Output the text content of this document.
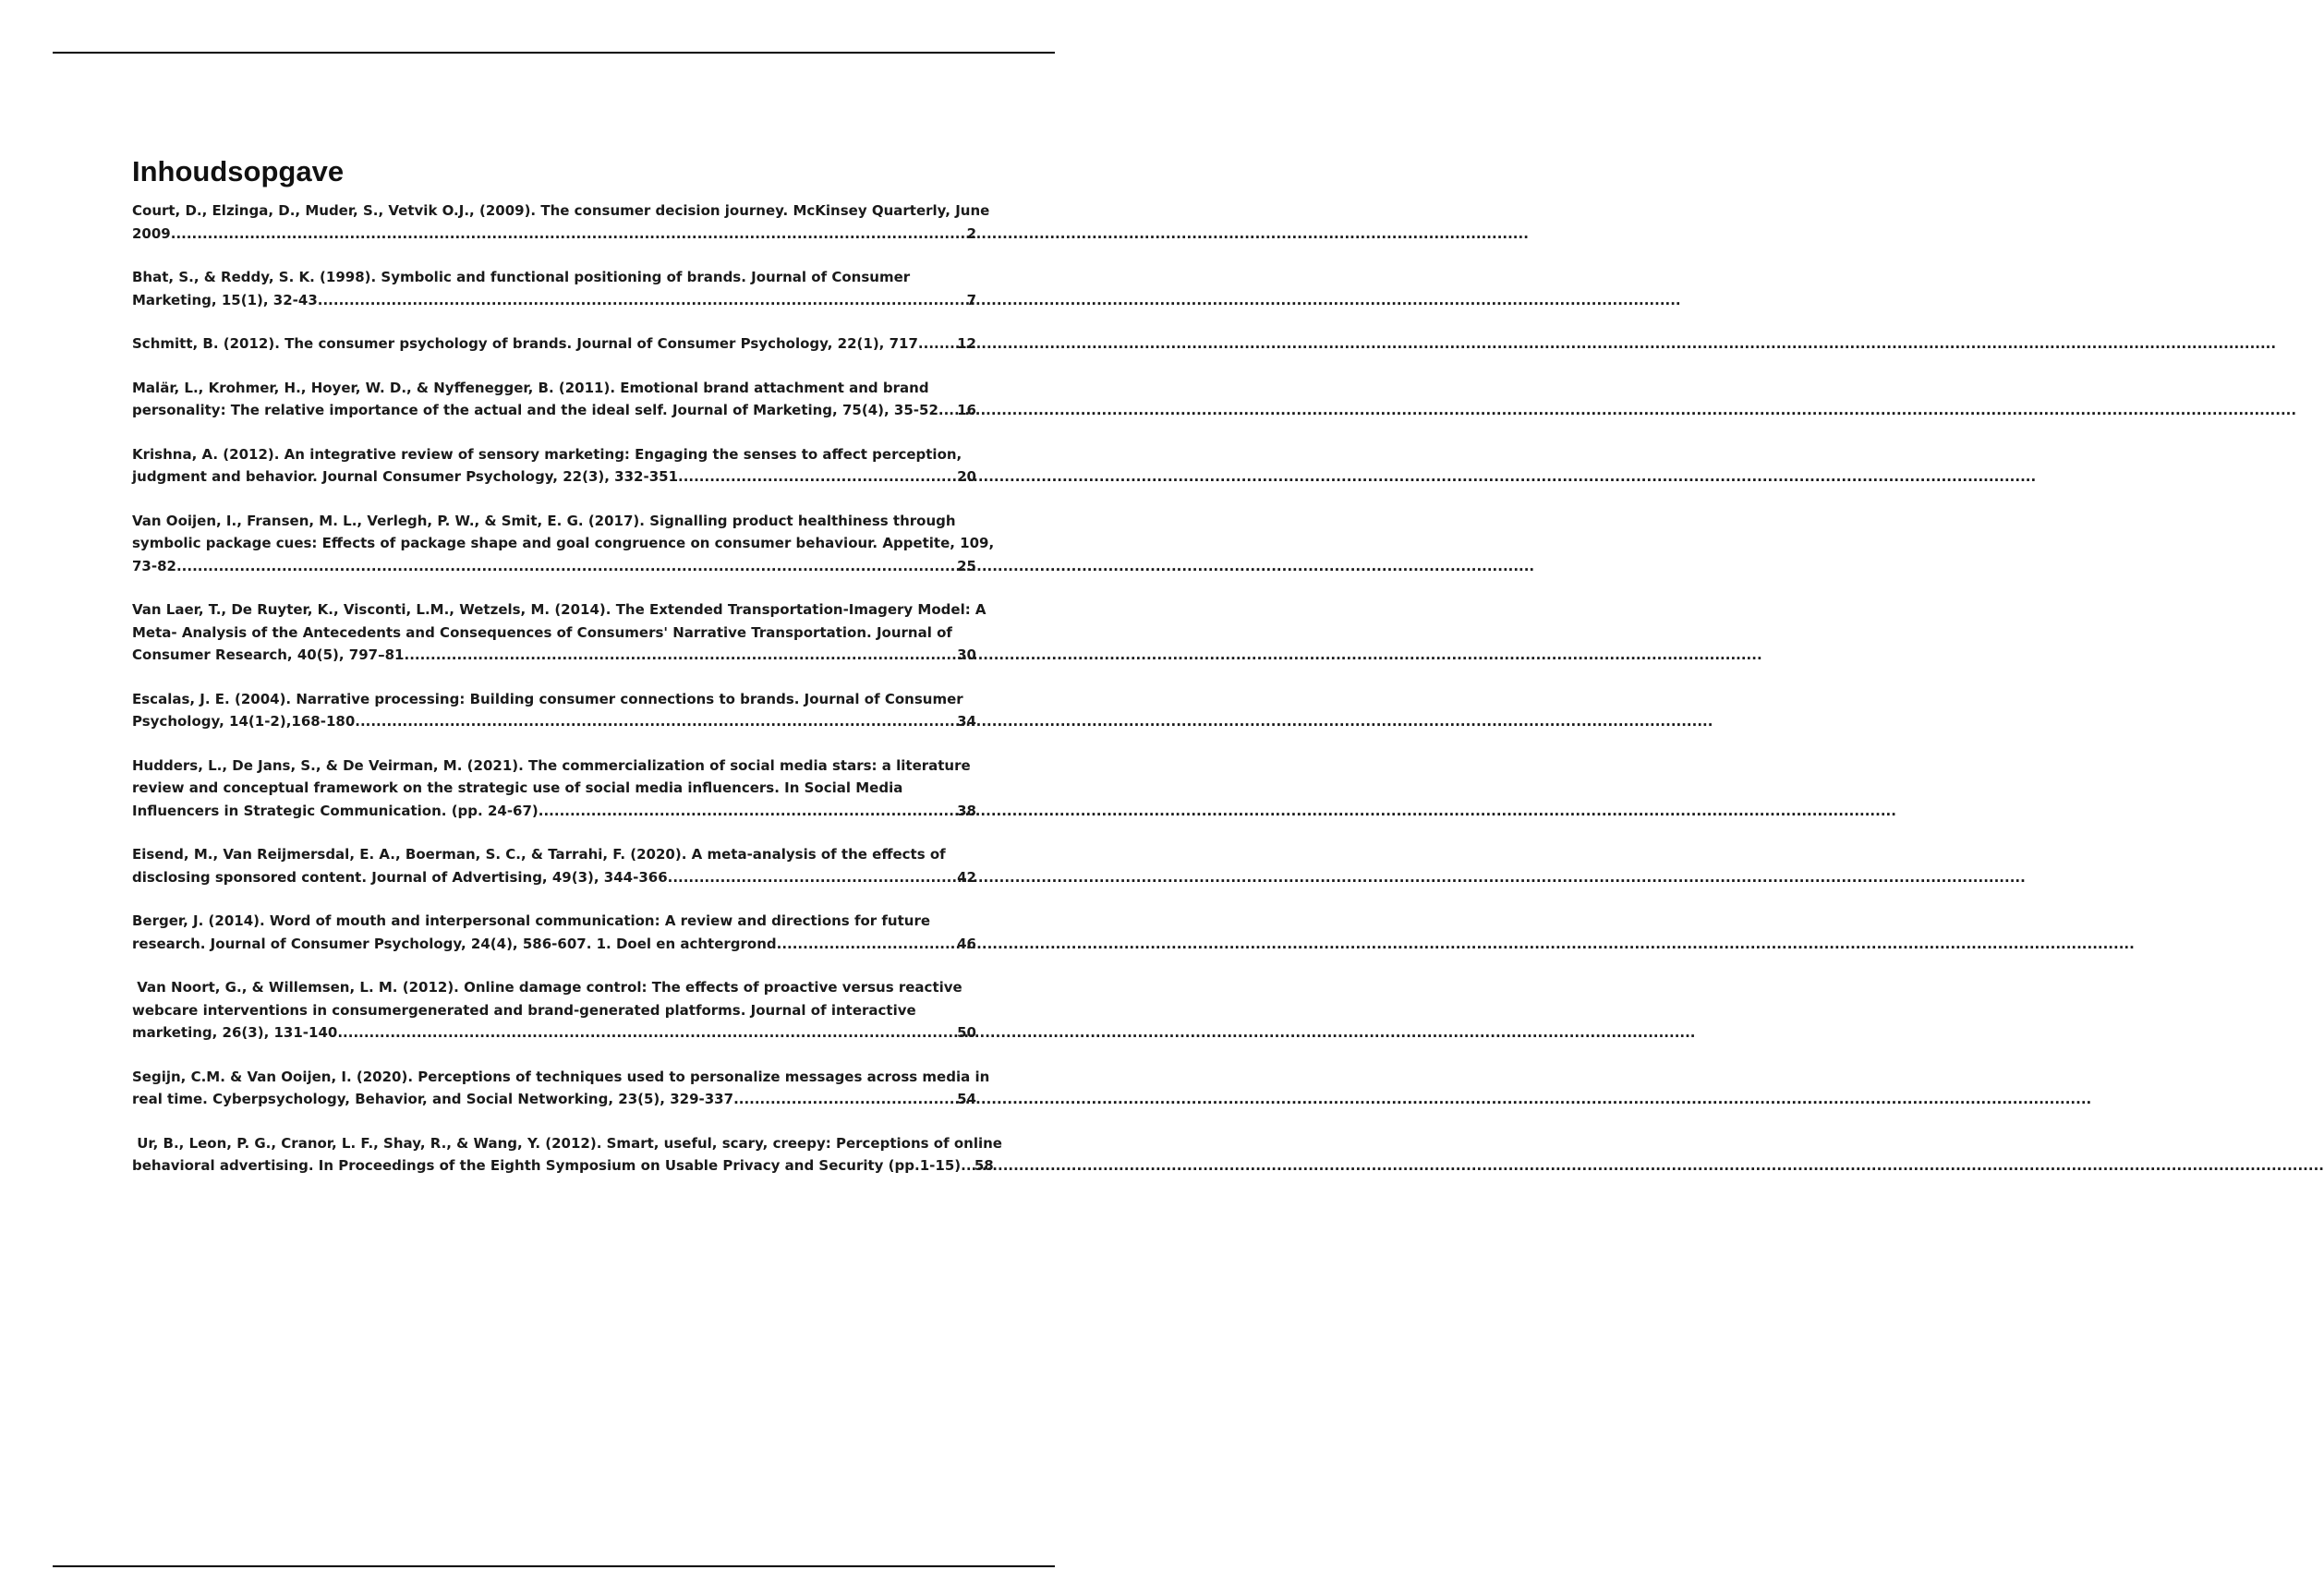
Inhoudsopgave
Court, D., Elzinga, D., Muder, S., Vetvik O.J., (2009). The consumer decision journey. McKinsey Quarterly, June
2009 .....	2
Bhat, S., & Reddy, S. K. (1998). Symbolic and functional positioning of brands. Journal of Consumer
Marketing, 15(1), 32-43. .....	7
Schmitt, B. (2012). The consumer psychology of brands. Journal of Consumer Psychology, 22(1), 717 .....	12
Malär, L., Krohmer, H., Hoyer, W. D., & Nyffenegger, B. (2011). Emotional brand attachment and brand
personality: The relative importance of the actual and the ideal self. Journal of Marketing, 75(4), 35-52 ..... 16
Krishna, A. (2012). An integrative review of sensory marketing: Engaging the senses to affect perception,
judgment and behavior. Journal Consumer Psychology, 22(3), 332-351 .....	20
Van Ooijen, I., Fransen, M. L., Verlegh, P. W., & Smit, E. G. (2017). Signalling product healthiness through
symbolic package cues: Effects of package shape and goal congruence on consumer behaviour. Appetite, 109,
73-82 .....	25
Van Laer, T., De Ruyter, K., Visconti, L.M., Wetzels, M. (2014). The Extended Transportation-Imagery Model: A
Meta- Analysis of the Antecedents and Consequences of Consumers' Narrative Transportation. Journal of
Consumer Research, 40(5), 797–81 .....	30
Escalas, J. E. (2004). Narrative processing: Building consumer connections to brands. Journal of Consumer
Psychology, 14(1-2),168-180 .....	34
Hudders, L., De Jans, S., & De Veirman, M. (2021). The commercialization of social media stars: a literature
review and conceptual framework on the strategic use of social media influencers. In Social Media
Influencers in Strategic Communication. (pp. 24-67) .....	38
Eisend, M., Van Reijmersdal, E. A., Boerman, S. C., & Tarrahi, F. (2020). A meta-analysis of the effects of
disclosing sponsored content. Journal of Advertising, 49(3), 344-366 .....	42
Berger, J. (2014). Word of mouth and interpersonal communication: A review and directions for future
research. Journal of Consumer Psychology, 24(4), 586-607. 1. Doel en achtergrond .....	46
Van Noort, G., & Willemsen, L. M. (2012). Online damage control: The effects of proactive versus reactive
webcare interventions in consumergenerated and brand-generated platforms. Journal of interactive
marketing, 26(3), 131-140 .....	50
Segijn, C.M. & Van Ooijen, I. (2020). Perceptions of techniques used to personalize messages across media in
real time. Cyberpsychology, Behavior, and Social Networking, 23(5), 329-337 .....	54
Ur, B., Leon, P. G., Cranor, L. F., Shay, R., & Wang, Y. (2012). Smart, useful, scary, creepy: Perceptions of online
behavioral advertising. In Proceedings of the Eighth Symposium on Usable Privacy and Security (pp.1-15). ..... 58
